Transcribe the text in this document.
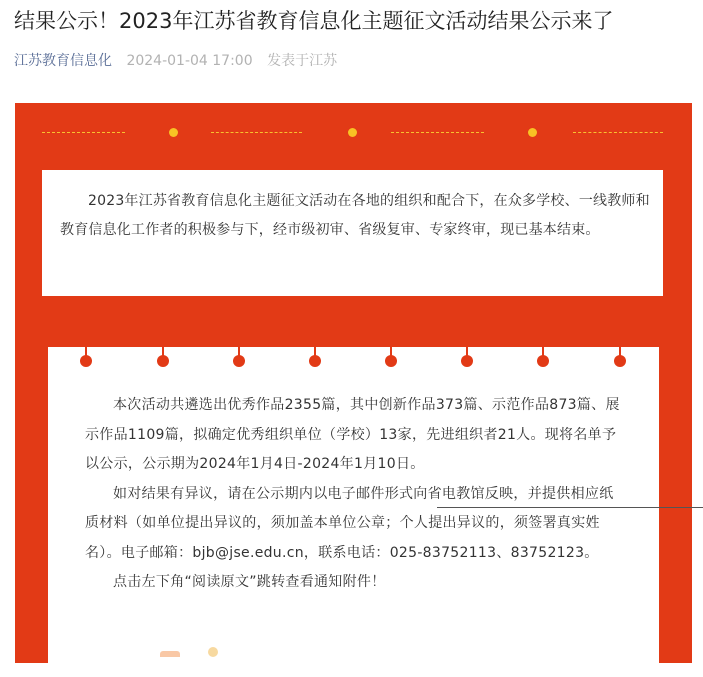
结果公示！2023年江苏省教育信息化主题征文活动结果公示来了
江苏教育信息化 2024-01-04 17:00 发表于江苏
2023年江苏省教育信息化主题征文活动在各地的组织和配合下，在众多学校、一线教师和教育信息化工作者的积极参与下，经市级初审、省级复审、专家终审，现已基本结束。

本次活动共遴选出优秀作品2355篇，其中创新作品373篇、示范作品873篇、展示作品1109篇，拟确定优秀组织单位（学校）13家，先进组织者21人。现将名单予以公示，公示期为2024年1月4日-2024年1月10日。

如对结果有异议，请在公示期内以电子邮件形式向省电教馆反映，并提供相应纸质材料（如单位提出异议的，须加盖本单位公章；个人提出异议的，须签署真实姓名）。电子邮箱：bjb@jse.edu.cn，联系电话：025-83752113、83752123。

点击左下角“阅读原文”跳转查看通知附件！
